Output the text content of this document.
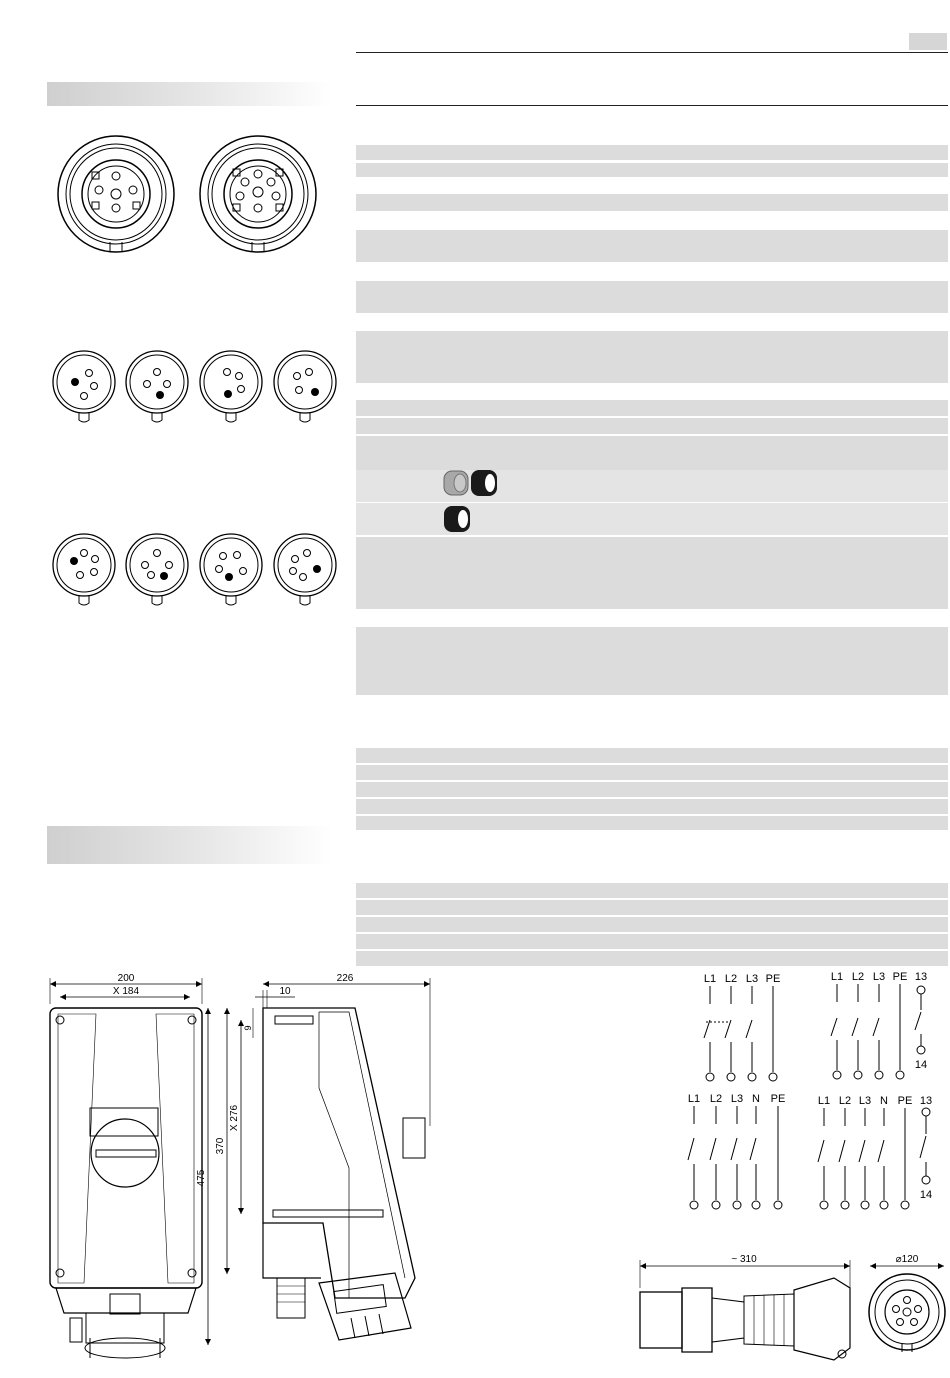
200
X 184
475
226
10
9
370
X 276
L1 L2 L3 PE	L1 L2 L3 PE 13
14
L1 L2 L3 N PE	L1 L2 L3 N PE 13
14
~ 310	⌀120
